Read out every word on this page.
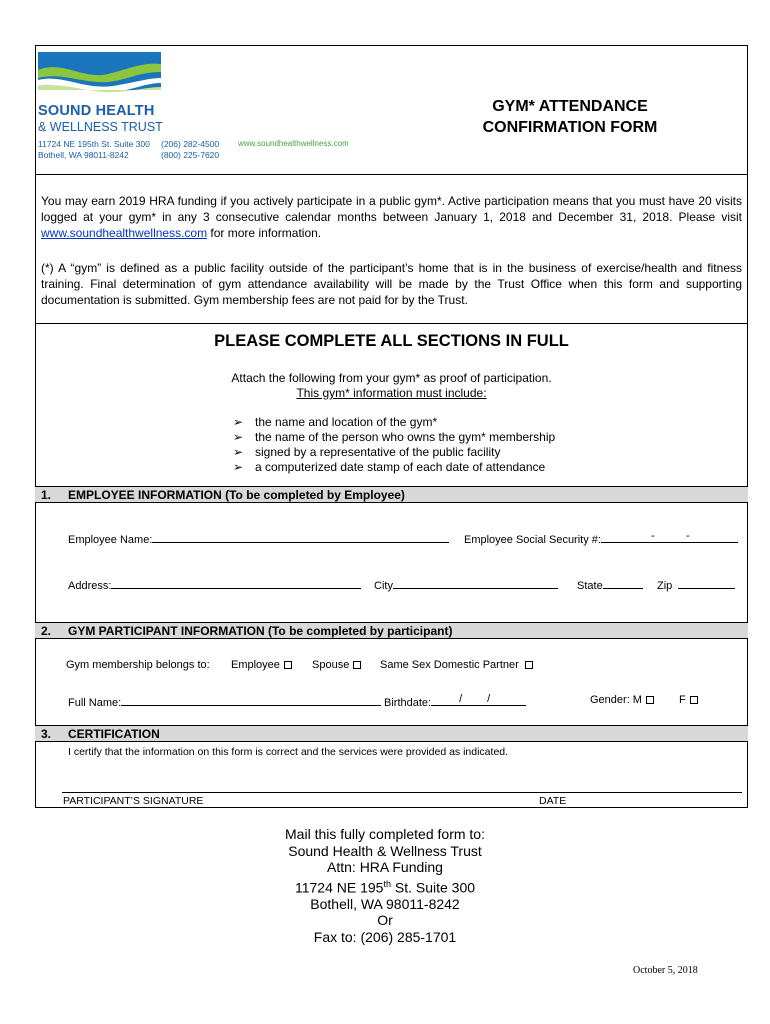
SOUND HEALTH
& WELLNESS TRUST
11724 NE 195th St. Suite 300
Bothell, WA 98011-8242
(206) 282-4500
(800) 225-7620
www.soundhealthwellness.com
GYM* ATTENDANCE
CONFIRMATION FORM
You may earn 2019 HRA funding if you actively participate in a public gym*. Active participation means that you must have 20 visits logged at your gym* in any 3 consecutive calendar months between January 1, 2018 and December 31, 2018. Please visit www.soundhealthwellness.com for more information.
(*) A “gym” is defined as a public facility outside of the participant’s home that is in the business of exercise/health and fitness training. Final determination of gym attendance availability will be made by the Trust Office when this form and supporting documentation is submitted. Gym membership fees are not paid for by the Trust.
PLEASE COMPLETE ALL SECTIONS IN FULL
Attach the following from your gym* as proof of participation.
This gym* information must include:
➢ the name and location of the gym*
➢ the name of the person who owns the gym* membership
➢ signed by a representative of the public facility
➢ a computerized date stamp of each date of attendance
1. EMPLOYEE INFORMATION (To be completed by Employee)
Employee Name:	Employee Social Security #:	-	-
Address:	City	State	Zip
2. GYM PARTICIPANT INFORMATION (To be completed by participant)
Gym membership belongs to: Employee	Spouse	Same Sex Domestic Partner
Full Name:	Birthdate:	/ /	Gender: M	F
3. CERTIFICATION
I certify that the information on this form is correct and the services were provided as indicated.
PARTICIPANT’S SIGNATURE	DATE
Mail this fully completed form to:
Sound Health & Wellness Trust
Attn: HRA Funding
11724 NE 195th St. Suite 300
Bothell, WA 98011-8242
Or
Fax to: (206) 285-1701
October 5, 2018
